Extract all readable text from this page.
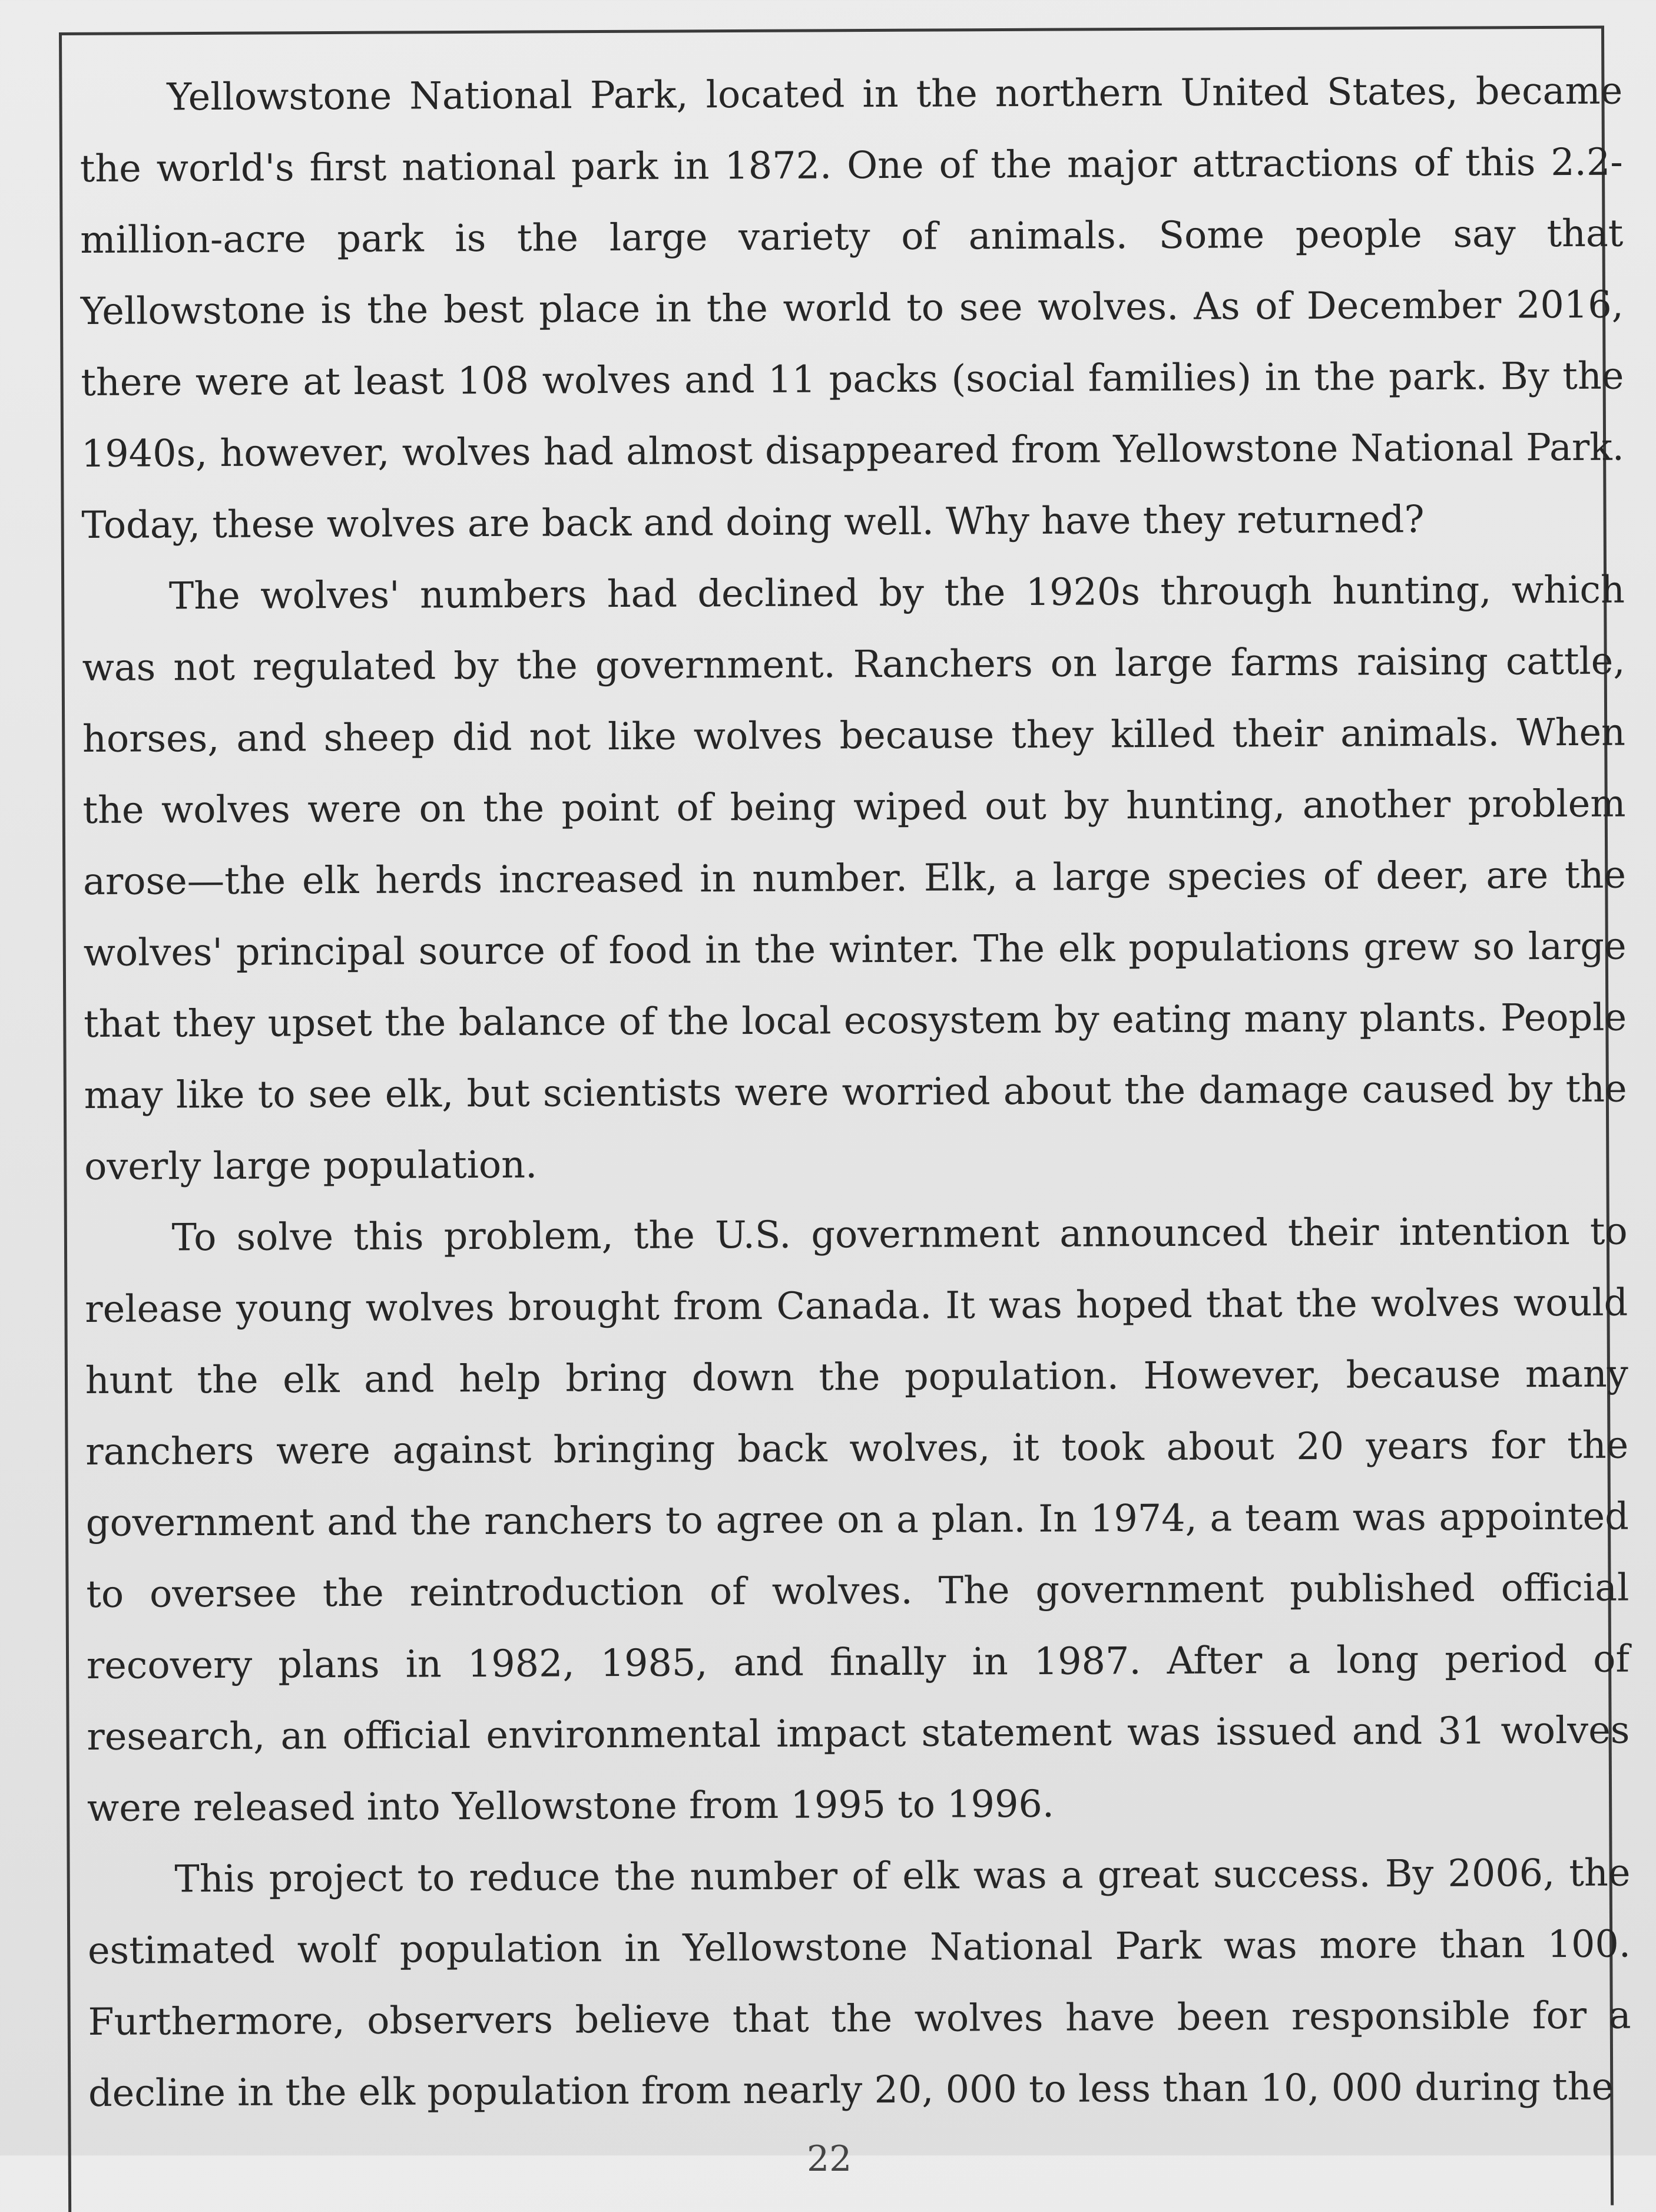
Yellowstone National Park, located in the northern United States, became the world's first national park in 1872. One of the major attractions of this 2.2-million-acre park is the large variety of animals. Some people say that Yellowstone is the best place in the world to see wolves. As of December 2016, there were at least 108 wolves and 11 packs (social families) in the park. By the 1940s, however, wolves had almost disappeared from Yellowstone National Park. Today, these wolves are back and doing well. Why have they returned?

The wolves' numbers had declined by the 1920s through hunting, which was not regulated by the government. Ranchers on large farms raising cattle, horses, and sheep did not like wolves because they killed their animals. When the wolves were on the point of being wiped out by hunting, another problem arose—the elk herds increased in number. Elk, a large species of deer, are the wolves' principal source of food in the winter. The elk populations grew so large that they upset the balance of the local ecosystem by eating many plants. People may like to see elk, but scientists were worried about the damage caused by the overly large population.

To solve this problem, the U.S. government announced their intention to release young wolves brought from Canada. It was hoped that the wolves would hunt the elk and help bring down the population. However, because many ranchers were against bringing back wolves, it took about 20 years for the government and the ranchers to agree on a plan. In 1974, a team was appointed to oversee the reintroduction of wolves. The government published official recovery plans in 1982, 1985, and finally in 1987. After a long period of research, an official environmental impact statement was issued and 31 wolves were released into Yellowstone from 1995 to 1996.

This project to reduce the number of elk was a great success. By 2006, the estimated wolf population in Yellowstone National Park was more than 100. Furthermore, observers believe that the wolves have been responsible for a decline in the elk population from nearly 20, 000 to less than 10, 000 during the

22
